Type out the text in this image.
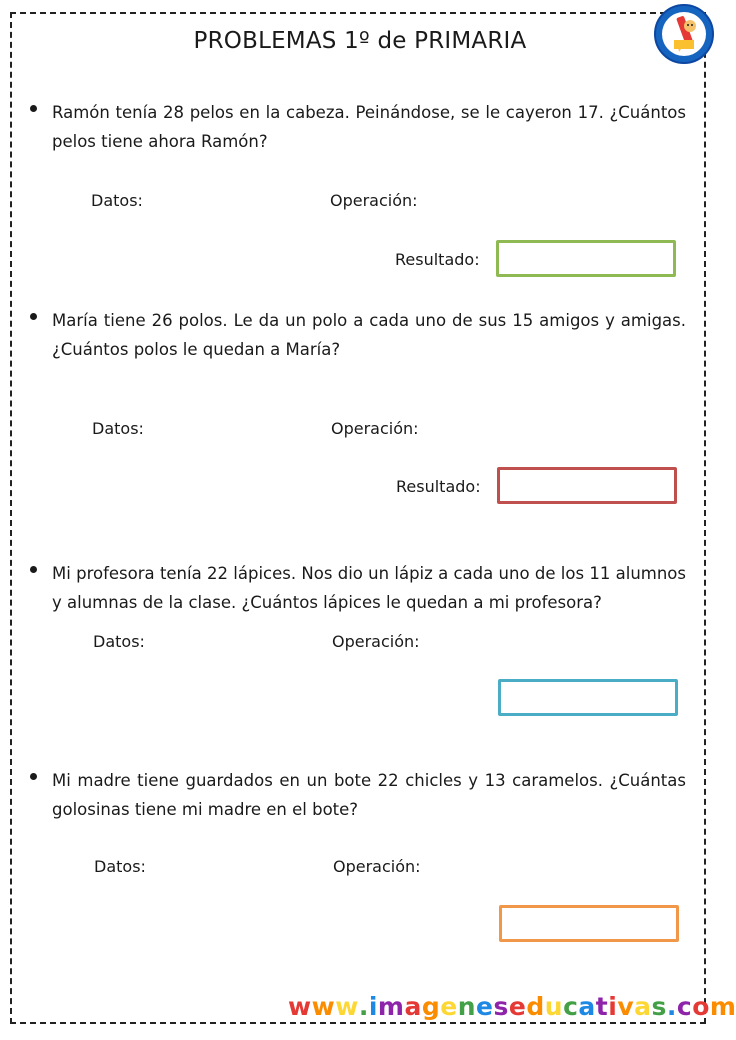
PROBLEMAS 1º de PRIMARIA

Ramón tenía 28 pelos en la cabeza. Peinándose, se le cayeron 17. ¿Cuántos pelos tiene ahora Ramón?

Datos:	Operación:
Resultado:

María tiene 26 polos. Le da un polo a cada uno de sus 15 amigos y amigas. ¿Cuántos polos le quedan a María?

Datos:	Operación:
Resultado:

Mi profesora tenía 22 lápices. Nos dio un lápiz a cada uno de los 11 alumnos y alumnas de la clase. ¿Cuántos lápices le quedan a mi profesora?

Datos:	Operación:

Mi madre tiene guardados en un bote 22 chicles y 13 caramelos. ¿Cuántas golosinas tiene mi madre en el bote?

Datos:	Operación:
www.imageneseducativas.com
